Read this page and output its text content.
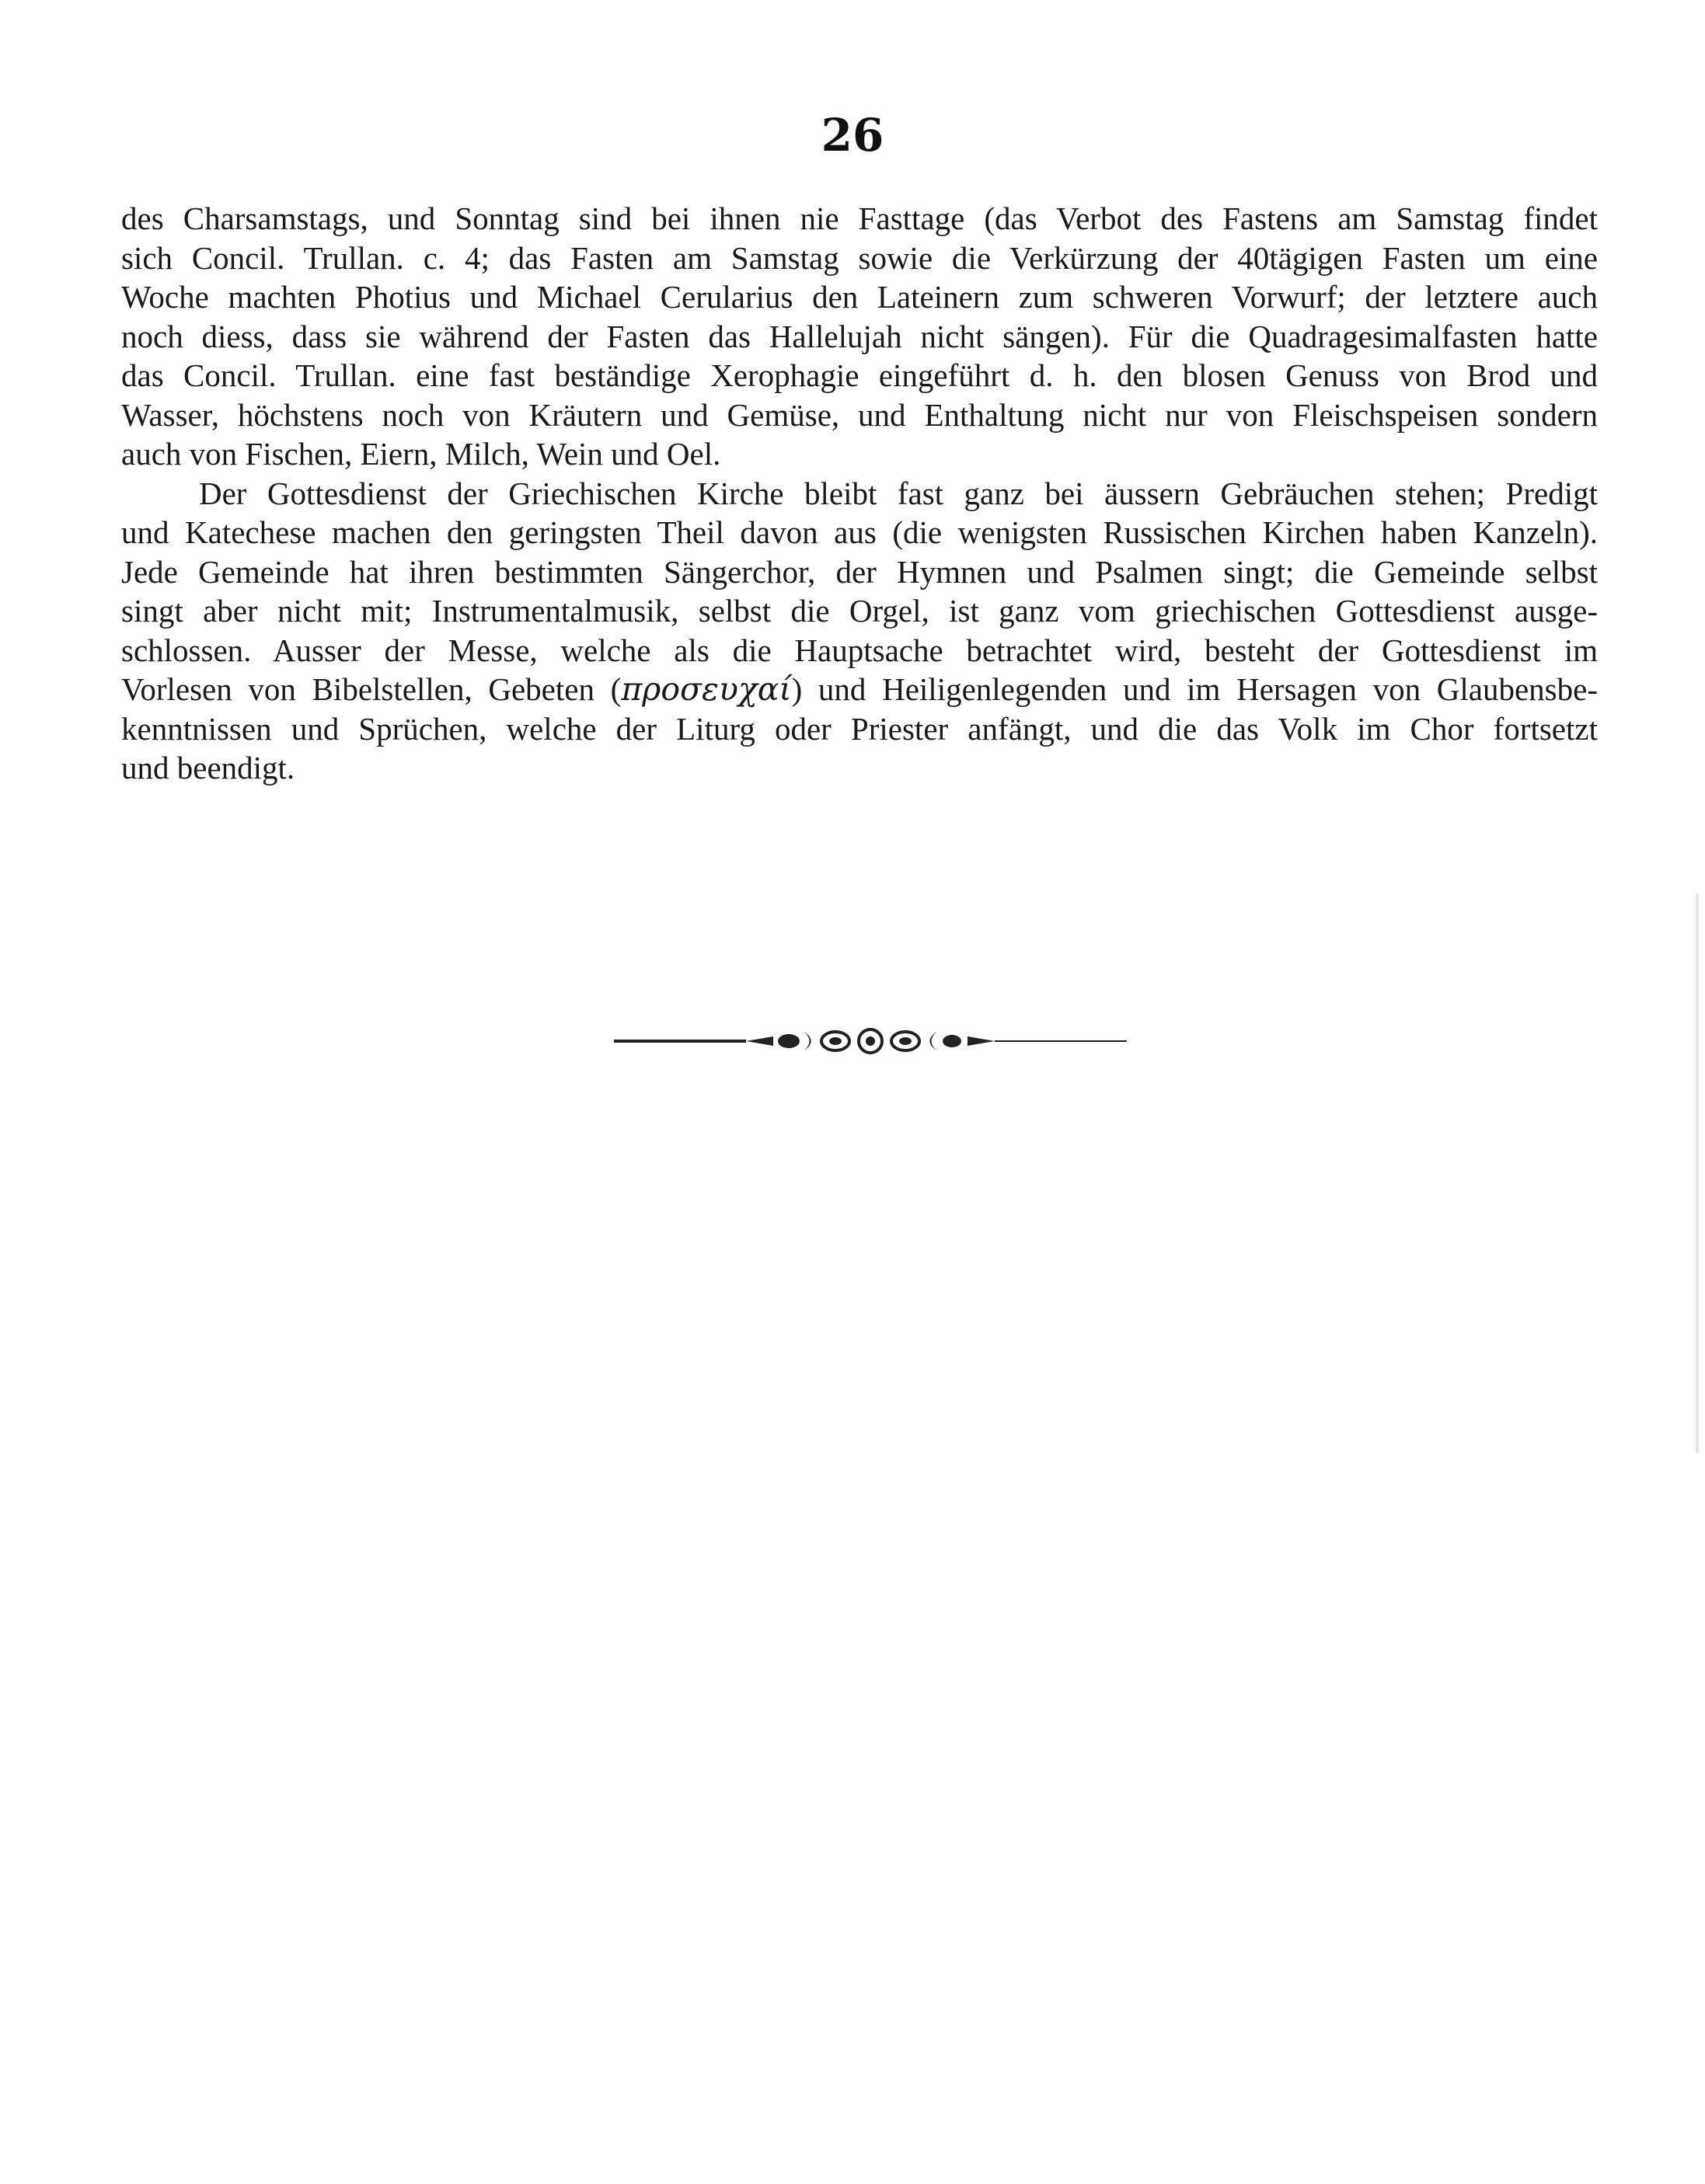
26
des Charsamstags, und Sonntag sind bei ihnen nie Fasttage (das Verbot des Fastens am Samstag findet
sich Concil. Trullan. c. 4; das Fasten am Samstag sowie die Verkürzung der 40tägigen Fasten um eine
Woche machten Photius und Michael Cerularius den Lateinern zum schweren Vorwurf; der letztere auch
noch diess, dass sie während der Fasten das Hallelujah nicht sängen). Für die Quadragesimalfasten hatte
das Concil. Trullan. eine fast beständige Xerophagie eingeführt d. h. den blosen Genuss von Brod und
Wasser, höchstens noch von Kräutern und Gemüse, und Enthaltung nicht nur von Fleischspeisen sondern
auch von Fischen, Eiern, Milch, Wein und Oel.
Der Gottesdienst der Griechischen Kirche bleibt fast ganz bei äussern Gebräuchen stehen; Predigt
und Katechese machen den geringsten Theil davon aus (die wenigsten Russischen Kirchen haben Kanzeln).
Jede Gemeinde hat ihren bestimmten Sängerchor, der Hymnen und Psalmen singt; die Gemeinde selbst
singt aber nicht mit; Instrumentalmusik, selbst die Orgel, ist ganz vom griechischen Gottesdienst ausge-
schlossen. Ausser der Messe, welche als die Hauptsache betrachtet wird, besteht der Gottesdienst im
Vorlesen von Bibelstellen, Gebeten (προσευχαί) und Heiligenlegenden und im Hersagen von Glaubensbe-
kenntnissen und Sprüchen, welche der Liturg oder Priester anfängt, und die das Volk im Chor fortsetzt
und beendigt.
